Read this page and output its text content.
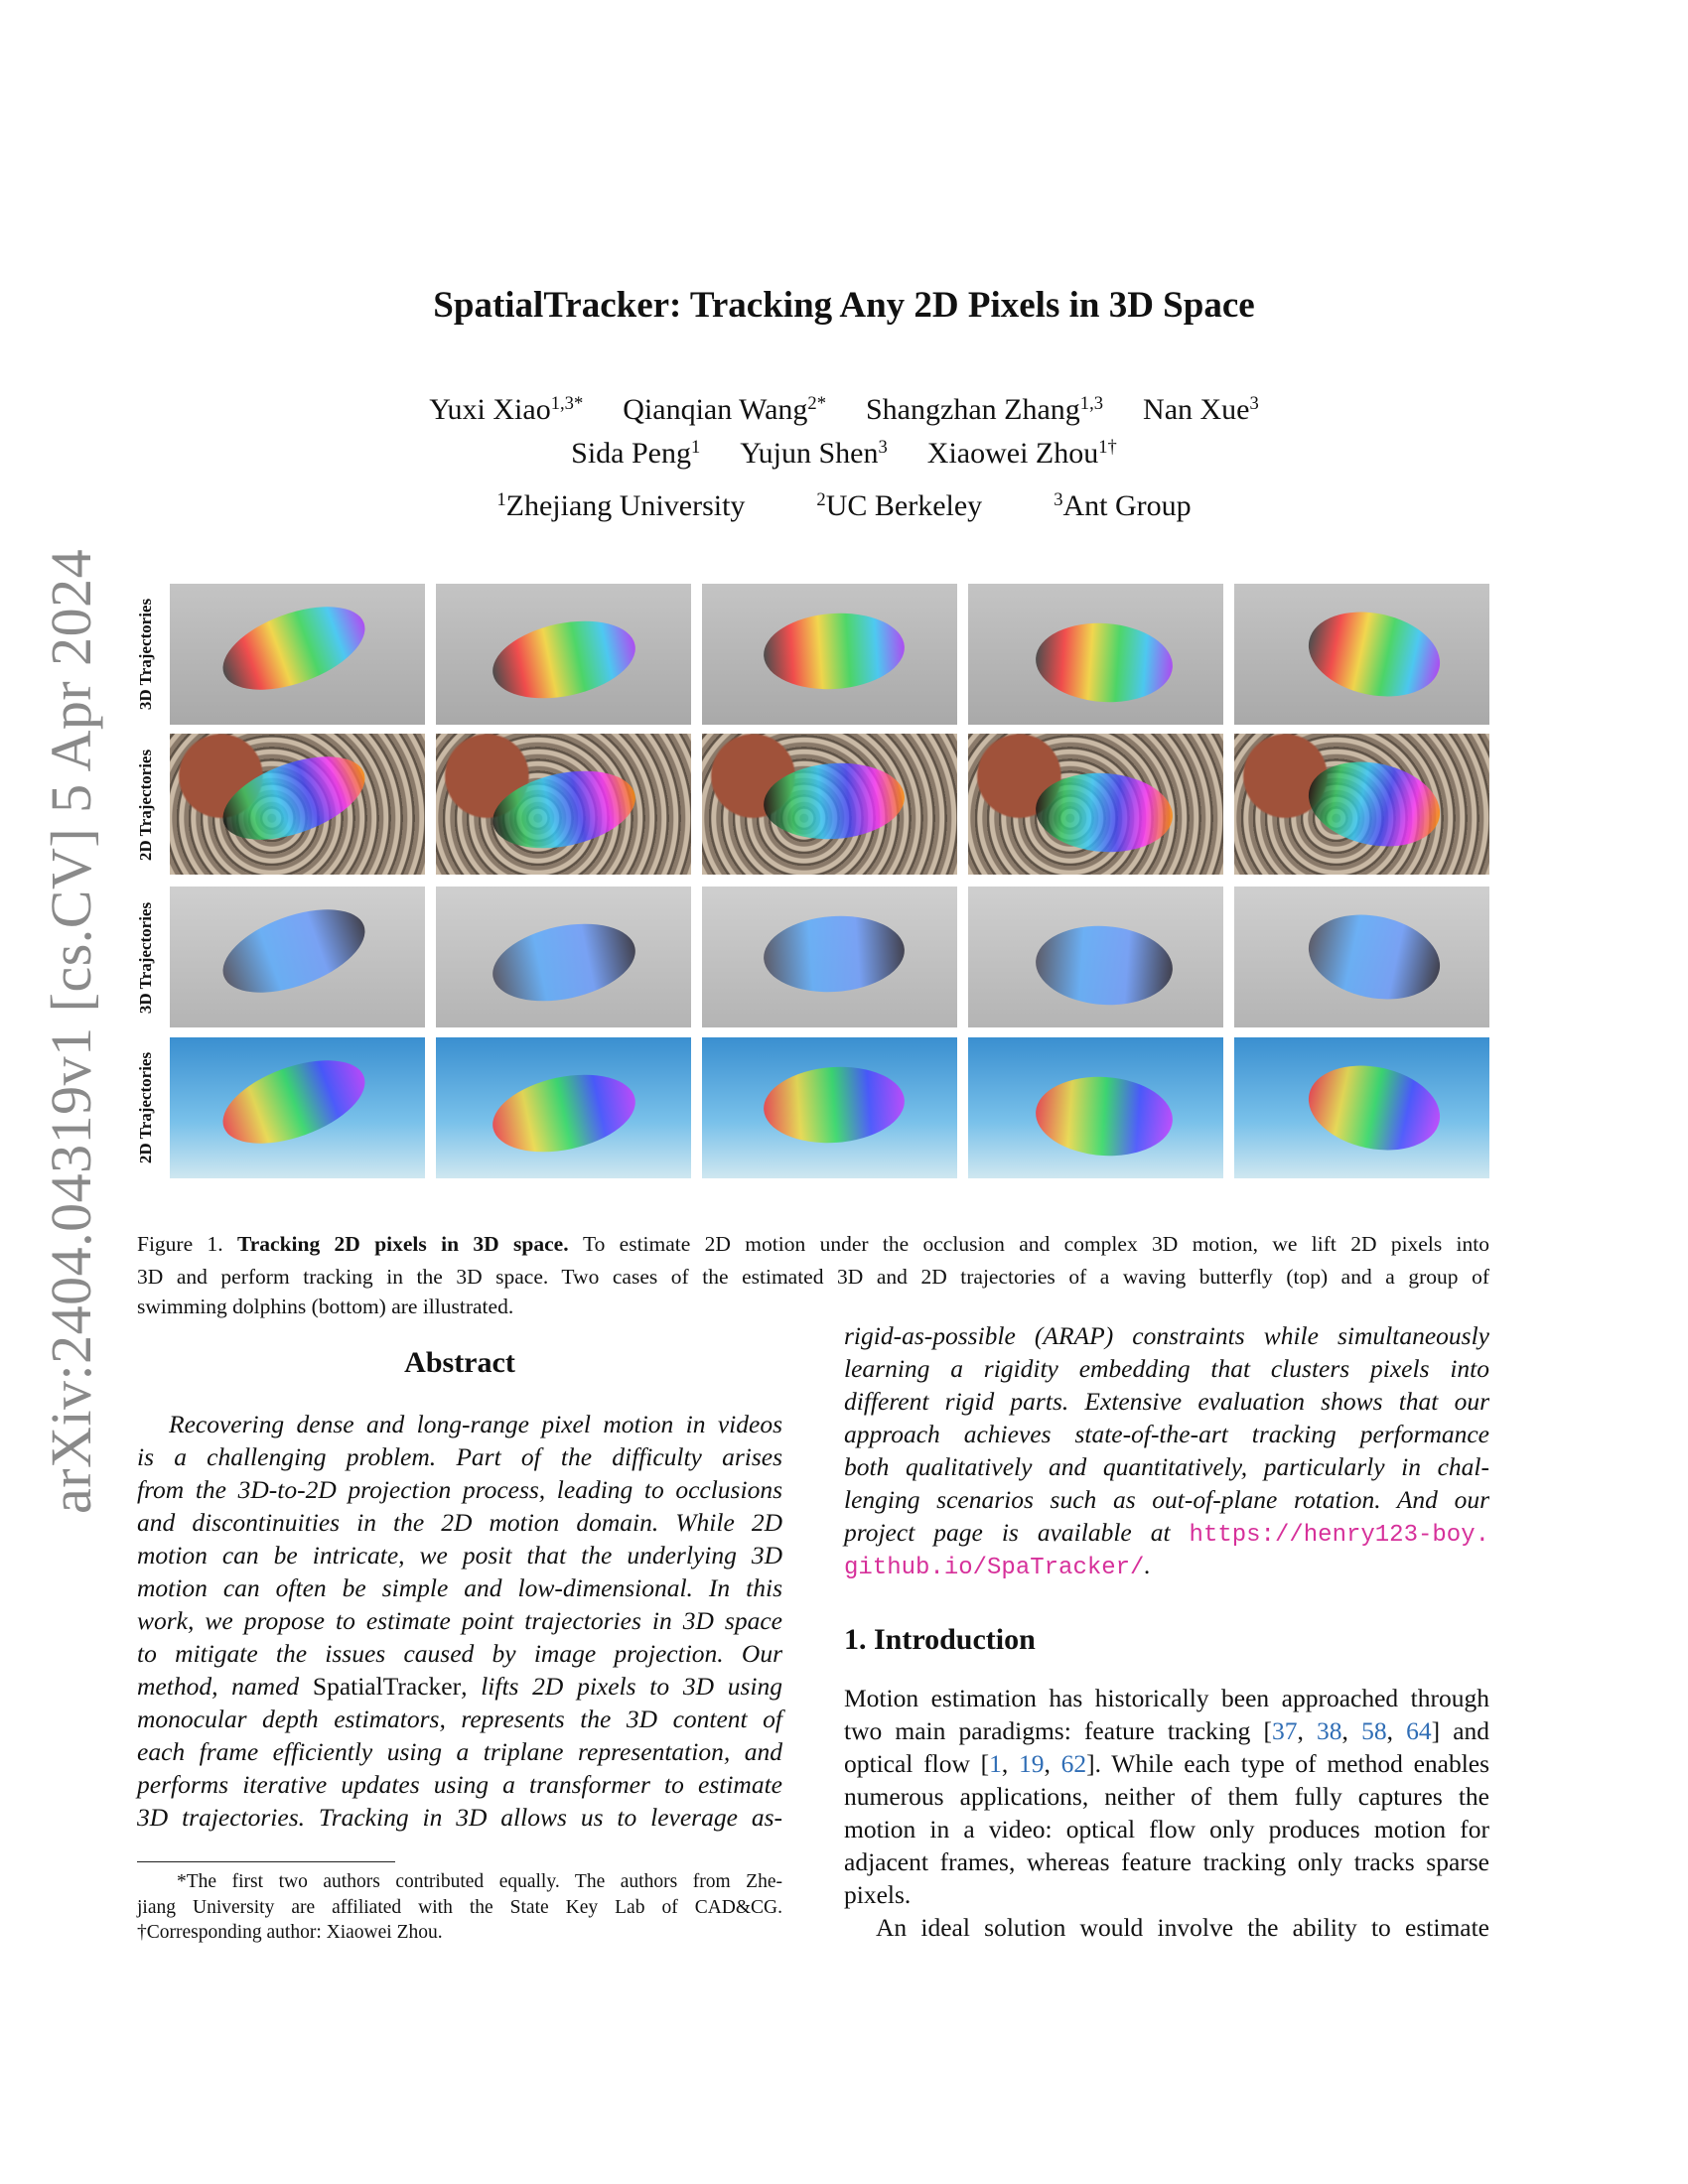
arXiv:2404.04319v1 [cs.CV] 5 Apr 2024
SpatialTracker: Tracking Any 2D Pixels in 3D Space
Yuxi Xiao$^{1,3*}$ Qianqian Wang$^{2*}$ Shangzhan Zhang$^{1,3}$ Nan Xue$^3$
Sida Peng$^1$ Yujun Shen$^3$ Xiaowei Zhou$^{1\dagger}$
$^1$Zhejiang University	$^2$UC Berkeley	$^3$Ant Group
3D Trajectories
2D Trajectories
3D Trajectories
2D Trajectories
Figure 1. Tracking 2D pixels in 3D space. To estimate 2D motion under the occlusion and complex 3D motion, we lift 2D pixels into
3D and perform tracking in the 3D space. Two cases of the estimated 3D and 2D trajectories of a waving butterfly (top) and a group of
swimming dolphins (bottom) are illustrated.
Abstract
Recovering dense and long-range pixel motion in videos
is a challenging problem. Part of the difficulty arises
from the 3D-to-2D projection process, leading to occlusions
and discontinuities in the 2D motion domain. While 2D
motion can be intricate, we posit that the underlying 3D
motion can often be simple and low-dimensional. In this
work, we propose to estimate point trajectories in 3D space
to mitigate the issues caused by image projection. Our
method, named SpatialTracker, lifts 2D pixels to 3D using
monocular depth estimators, represents the 3D content of
each frame efficiently using a triplane representation, and
performs iterative updates using a transformer to estimate
3D trajectories. Tracking in 3D allows us to leverage as-
*The first two authors contributed equally. The authors from Zhe-
jiang University are affiliated with the State Key Lab of CAD&CG.
†Corresponding author: Xiaowei Zhou.
rigid-as-possible (ARAP) constraints while simultaneously
learning a rigidity embedding that clusters pixels into
different rigid parts. Extensive evaluation shows that our
approach achieves state-of-the-art tracking performance
both qualitatively and quantitatively, particularly in chal-
lenging scenarios such as out-of-plane rotation. And our
project page is available at https://henry123-boy.
github.io/SpaTracker/.
1. Introduction
Motion estimation has historically been approached through
two main paradigms: feature tracking [37, 38, 58, 64] and
optical flow [1, 19, 62]. While each type of method enables
numerous applications, neither of them fully captures the
motion in a video: optical flow only produces motion for
adjacent frames, whereas feature tracking only tracks sparse
pixels.
An ideal solution would involve the ability to estimate
